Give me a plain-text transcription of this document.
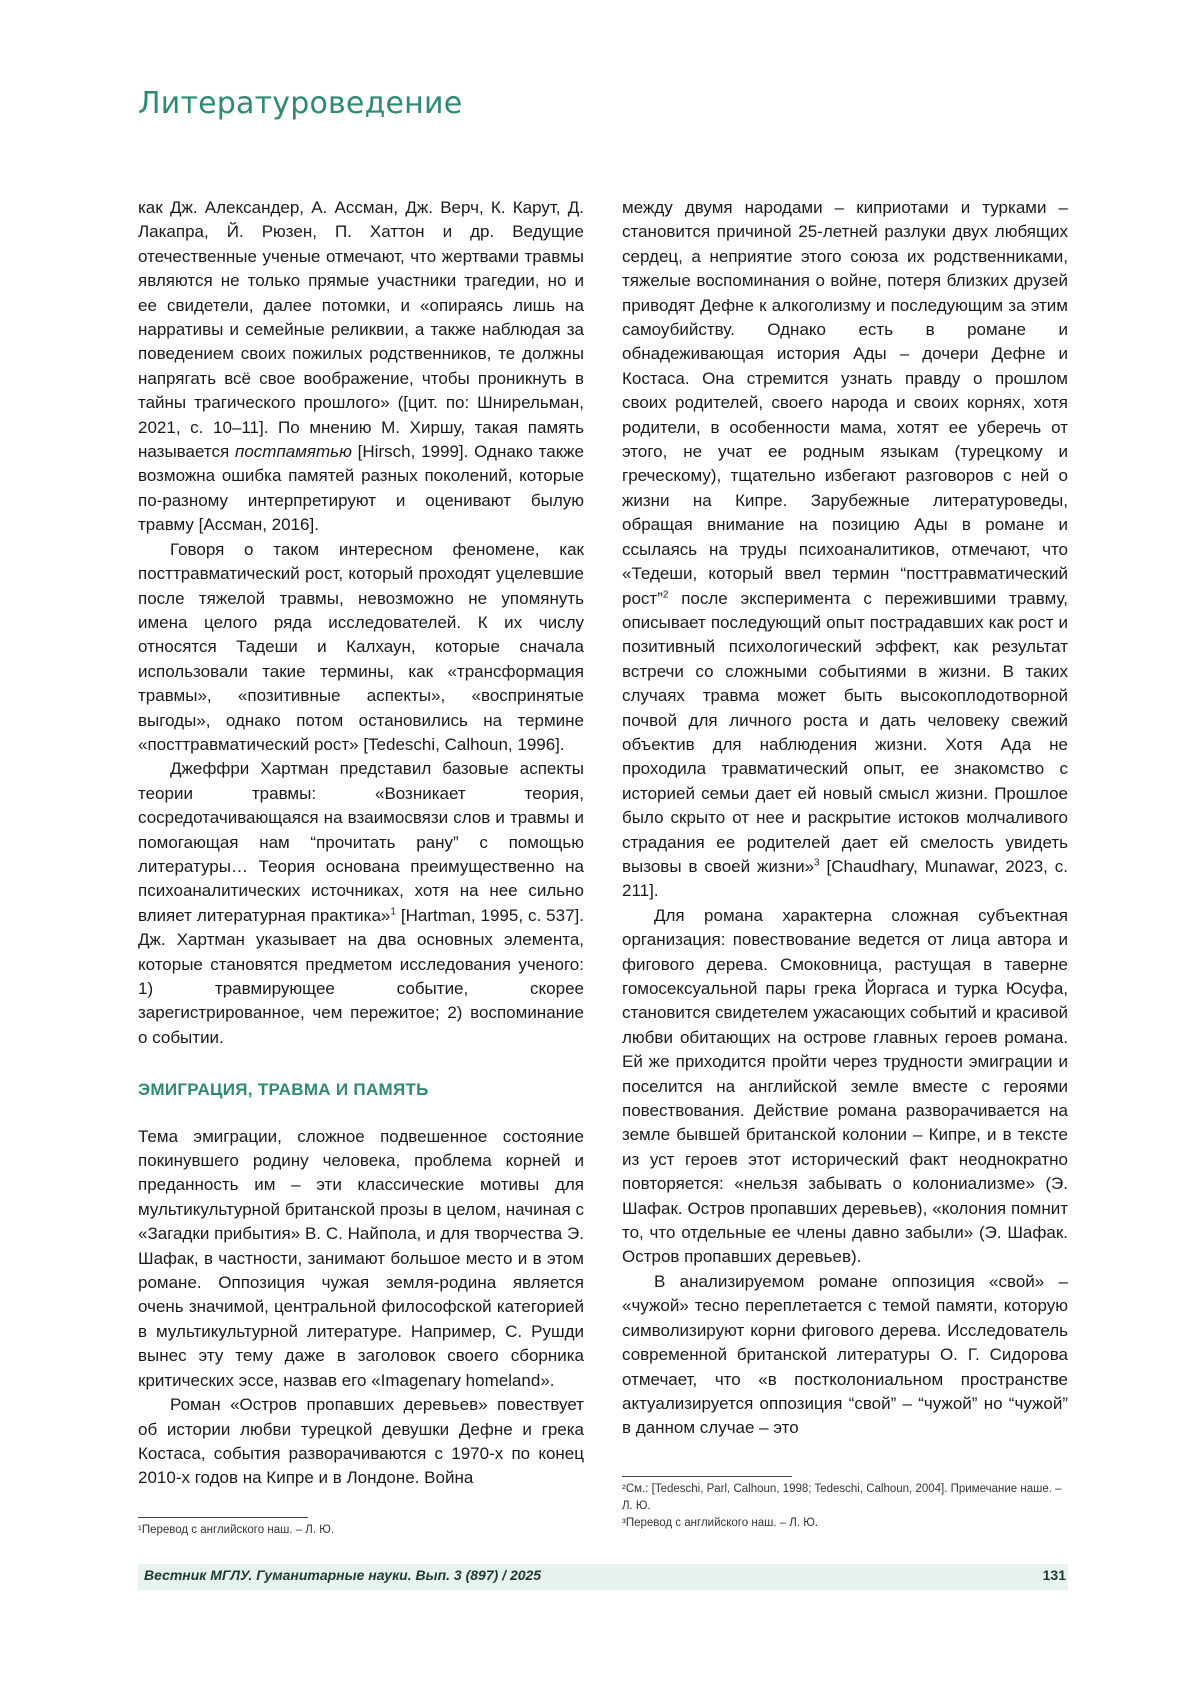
Литературоведение

как Дж. Александер, А. Ассман, Дж. Верч, К. Карут, Д. Лакапра, Й. Рюзен, П. Хаттон и др. Ведущие отечественные ученые отмечают, что жертвами травмы являются не только прямые участники трагедии, но и ее свидетели, далее потомки, и «опираясь лишь на нарративы и семейные реликвии, а также наблюдая за поведением своих пожилых родственников, те должны напрягать всё свое воображение, чтобы проникнуть в тайны трагического прошлого» ([цит. по: Шнирельман, 2021, с. 10–11]. По мнению М. Хиршу, такая память называется постпамятью [Hirsch, 1999]. Однако также возможна ошибка памятей разных поколений, которые по-разному интерпретируют и оценивают былую травму [Ассман, 2016].

Говоря о таком интересном феномене, как посттравматический рост, который проходят уцелевшие после тяжелой травмы, невозможно не упомянуть имена целого ряда исследователей. К их числу относятся Тадеши и Калхаун, которые сначала использовали такие термины, как «трансформация травмы», «позитивные аспекты», «воспринятые выгоды», однако потом остановились на термине «посттравматический рост» [Tedeschi, Calhoun, 1996].

Джеффри Хартман представил базовые аспекты теории травмы: «Возникает теория, сосредотачивающаяся на взаимосвязи слов и травмы и помогающая нам “прочитать рану” с помощью литературы… Теория основана преимущественно на психоаналитических источниках, хотя на нее сильно влияет литературная практика»$^1$ [Hartman, 1995, с. 537]. Дж. Хартман указывает на два основных элемента, которые становятся предметом исследования ученого: 1) травмирующее событие, скорее зарегистрированное, чем пережитое; 2) воспоминание о событии.

ЭМИГРАЦИЯ, ТРАВМА И ПАМЯТЬ

Тема эмиграции, сложное подвешенное состояние покинувшего родину человека, проблема корней и преданность им – эти классические мотивы для мультикультурной британской прозы в целом, начиная с «Загадки прибытия» В. С. Найпола, и для творчества Э. Шафак, в частности, занимают большое место и в этом романе. Оппозиция чужая земля-родина является очень значимой, центральной философской категорией в мультикультурной литературе. Например, С. Рушди вынес эту тему даже в заголовок своего сборника критических эссе, назвав его «Imagenary homeland».

Роман «Остров пропавших деревьев» повествует об истории любви турецкой девушки Дефне и грека Костаса, события разворачиваются с 1970-х по конец 2010-х годов на Кипре и в Лондоне. Война

¹Перевод с английского наш. – Л. Ю.

между двумя народами – киприотами и турками – становится причиной 25-летней разлуки двух любящих сердец, а неприятие этого союза их родственниками, тяжелые воспоминания о войне, потеря близких друзей приводят Дефне к алкоголизму и последующим за этим самоубийству. Однако есть в романе и обнадеживающая история Ады – дочери Дефне и Костаса. Она стремится узнать правду о прошлом своих родителей, своего народа и своих корнях, хотя родители, в особенности мама, хотят ее уберечь от этого, не учат ее родным языкам (турецкому и греческому), тщательно избегают разговоров с ней о жизни на Кипре. Зарубежные литературоведы, обращая внимание на позицию Ады в романе и ссылаясь на труды психоаналитиков, отмечают, что «Тедеши, который ввел термин “посттравматический рост”$^2$ после эксперимента с пережившими травму, описывает последующий опыт пострадавших как рост и позитивный психологический эффект, как результат встречи со сложными событиями в жизни. В таких случаях травма может быть высокоплодотворной почвой для личного роста и дать человеку свежий объектив для наблюдения жизни. Хотя Ада не проходила травматический опыт, ее знакомство с историей семьи дает ей новый смысл жизни. Прошлое было скрыто от нее и раскрытие истоков молчаливого страдания ее родителей дает ей смелость увидеть вызовы в своей жизни»$^3$ [Chaudhary, Munawar, 2023, с. 211].

Для романа характерна сложная субъектная организация: повествование ведется от лица автора и фигового дерева. Смоковница, растущая в таверне гомосексуальной пары грека Йоргаса и турка Юсуфа, становится свидетелем ужасающих событий и красивой любви обитающих на острове главных героев романа. Ей же приходится пройти через трудности эмиграции и поселится на английской земле вместе с героями повествования. Действие романа разворачивается на земле бывшей британской колонии – Кипре, и в тексте из уст героев этот исторический факт неоднократно повторяется: «нельзя забывать о колониализме» (Э. Шафак. Остров пропавших деревьев), «колония помнит то, что отдельные ее члены давно забыли» (Э. Шафак. Остров пропавших деревьев).

В анализируемом романе оппозиция «свой» – «чужой» тесно переплетается с темой памяти, которую символизируют корни фигового дерева. Исследователь современной британской литературы О. Г. Сидорова отмечает, что «в постколониальном пространстве актуализируется оппозиция “свой” – “чужой” но “чужой” в данном случае – это

²См.: [Tedeschi, Parl, Calhoun, 1998; Tedeschi, Calhoun, 2004]. Примечание наше. – Л. Ю.
³Перевод с английского наш. – Л. Ю.
Вестник МГЛУ. Гуманитарные науки. Вып. 3 (897) / 2025	131
